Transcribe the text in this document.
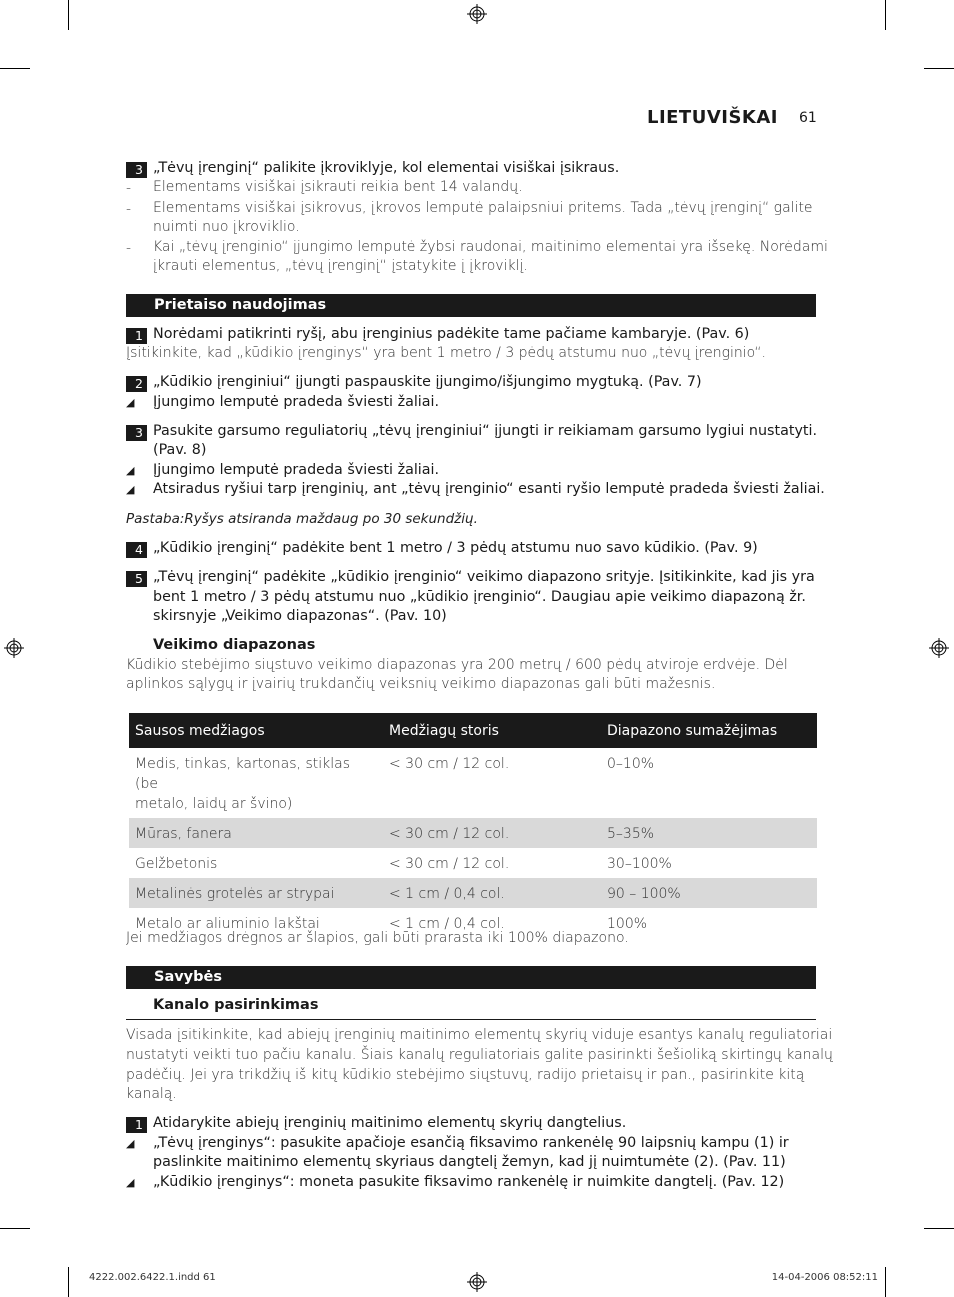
LIETUVIŠKAI 61
3 „Tėvų įrenginį“ palikite įkroviklyje, kol elementai visiškai įsikraus.
- Elementams visiškai įsikrauti reikia bent 14 valandų.
- Elementams visiškai įsikrovus, įkrovos lemputė palaipsniui pritems. Tada „tėvų įrenginį“ galite
nuimti nuo įkroviklio.
- Kai „tėvų įrenginio“ įjungimo lemputė žybsi raudonai, maitinimo elementai yra išsekę. Norėdami
įkrauti elementus, „tėvų įrenginį“ įstatykite į įkroviklį.
Prietaiso naudojimas
1 Norėdami patikrinti ryšį, abu įrenginius padėkite tame pačiame kambaryje. (Pav. 6)
Įsitikinkite, kad „kūdikio įrenginys“ yra bent 1 metro / 3 pėdų atstumu nuo „tėvų įrenginio“.
2 „Kūdikio įrenginiui“ įjungti paspauskite įjungimo/išjungimo mygtuką. (Pav. 7)
◢ Įjungimo lemputė pradeda šviesti žaliai.
3 Pasukite garsumo reguliatorių „tėvų įrenginiui“ įjungti ir reikiamam garsumo lygiui nustatyti.
(Pav. 8)
◢ Įjungimo lemputė pradeda šviesti žaliai.
◢ Atsiradus ryšiui tarp įrenginių, ant „tėvų įrenginio“ esanti ryšio lemputė pradeda šviesti žaliai.
Pastaba:Ryšys atsiranda maždaug po 30 sekundžių.
4 „Kūdikio įrenginį“ padėkite bent 1 metro / 3 pėdų atstumu nuo savo kūdikio. (Pav. 9)
5 „Tėvų įrenginį“ padėkite „kūdikio įrenginio“ veikimo diapazono srityje. Įsitikinkite, kad jis yra
bent 1 metro / 3 pėdų atstumu nuo „kūdikio įrenginio“. Daugiau apie veikimo diapazoną žr.
skirsnyje „Veikimo diapazonas“. (Pav. 10)
Veikimo diapazonas
Kūdikio stebėjimo siųstuvo veikimo diapazonas yra 200 metrų / 600 pėdų atviroje erdvėje. Dėl
aplinkos sąlygų ir įvairių trukdančių veiksnių veikimo diapazonas gali būti mažesnis.
Jei medžiagos drėgnos ar šlapios, gali būti prarasta iki 100% diapazono.
Savybės
Kanalo pasirinkimas
Visada įsitikinkite, kad abiejų įrenginių maitinimo elementų skyrių viduje esantys kanalų reguliatoriai
nustatyti veikti tuo pačiu kanalu. Šiais kanalų reguliatoriais galite pasirinkti šešioliką skirtingų kanalų
padėčių. Jei yra trikdžių iš kitų kūdikio stebėjimo siųstuvų, radijo prietaisų ir pan., pasirinkite kitą
kanalą.
1 Atidarykite abiejų įrenginių maitinimo elementų skyrių dangtelius.
◢ „Tėvų įrenginys“: pasukite apačioje esančią fiksavimo rankenėlę 90 laipsnių kampu (1) ir
paslinkite maitinimo elementų skyriaus dangtelį žemyn, kad jį nuimtumėte (2). (Pav. 11)
◢ „Kūdikio įrenginys“: moneta pasukite fiksavimo rankenėlę ir nuimkite dangtelį. (Pav. 12)
Sausos medžiagos	Medžiagų storis	Diapazono sumažėjimas

Medis, tinkas, kartonas, stiklas (be
metalo, laidų ar švino)	< 30 cm / 12 col.	0–10%
Mūras, fanera	< 30 cm / 12 col.	5–35%
Gelžbetonis	< 30 cm / 12 col.	30–100%
Metalinės grotelės ar strypai	< 1 cm / 0,4 col.	90 – 100%
Metalo ar aliuminio lakštai	< 1 cm / 0,4 col.	100%
4222.002.6422.1.indd 61	14-04-2006 08:52:11
